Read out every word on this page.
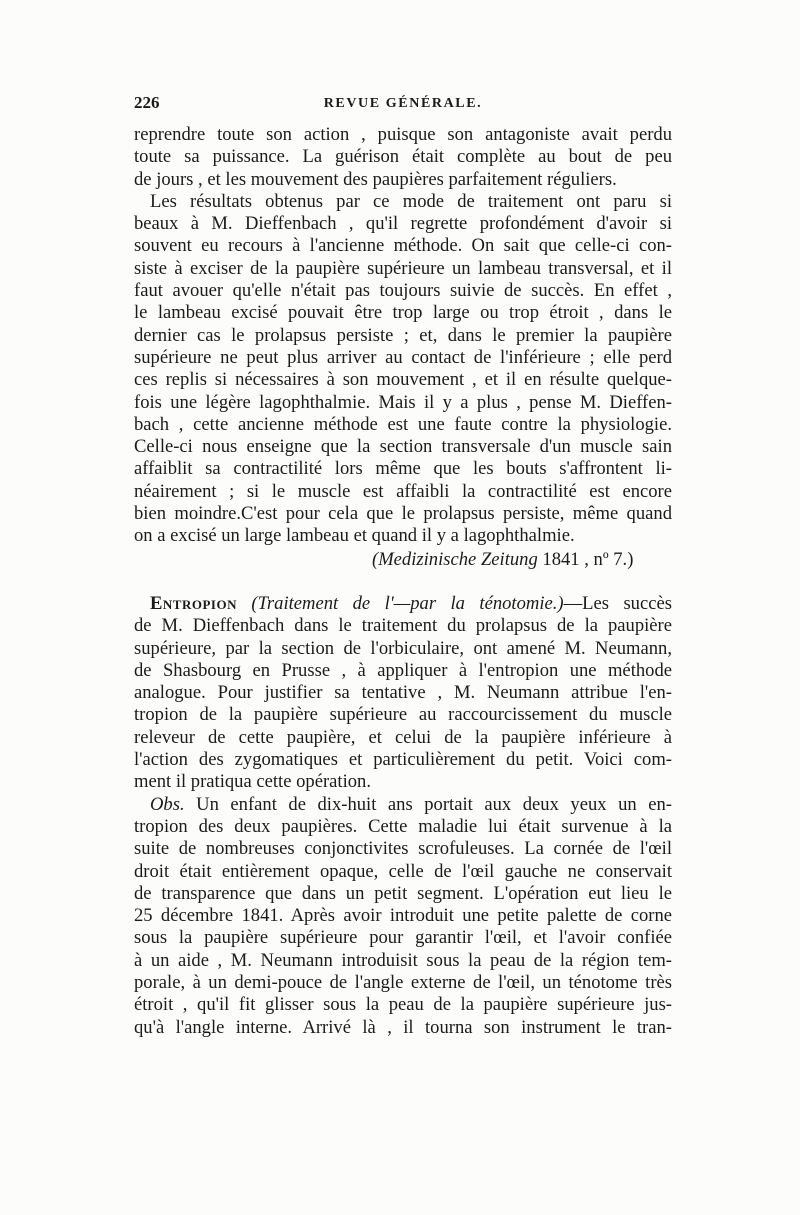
226	REVUE GÉNÉRALE.
reprendre toute son action , puisque son antagoniste avait perdu
toute sa puissance. La guérison était complète au bout de peu
de jours , et les mouvement des paupières parfaitement réguliers.
Les résultats obtenus par ce mode de traitement ont paru si
beaux à M. Dieffenbach , qu'il regrette profondément d'avoir si
souvent eu recours à l'ancienne méthode. On sait que celle-ci con-
siste à exciser de la paupière supérieure un lambeau transversal, et il
faut avouer qu'elle n'était pas toujours suivie de succès. En effet ,
le lambeau excisé pouvait être trop large ou trop étroit , dans le
dernier cas le prolapsus persiste ; et, dans le premier la paupière
supérieure ne peut plus arriver au contact de l'inférieure ; elle perd
ces replis si nécessaires à son mouvement , et il en résulte quelque-
fois une légère lagophthalmie. Mais il y a plus , pense M. Dieffen-
bach , cette ancienne méthode est une faute contre la physiologie.
Celle-ci nous enseigne que la section transversale d'un muscle sain
affaiblit sa contractilité lors même que les bouts s'affrontent li-
néairement ; si le muscle est affaibli la contractilité est encore
bien moindre.C'est pour cela que le prolapsus persiste, même quand
on a excisé un large lambeau et quand il y a lagophthalmie.
(Medizinische Zeitung 1841 , nº 7.)
Entropion (Traitement de l'—par la ténotomie.)—Les succès
de M. Dieffenbach dans le traitement du prolapsus de la paupière
supérieure, par la section de l'orbiculaire, ont amené M. Neumann,
de Shasbourg en Prusse , à appliquer à l'entropion une méthode
analogue. Pour justifier sa tentative , M. Neumann attribue l'en-
tropion de la paupière supérieure au raccourcissement du muscle
releveur de cette paupière, et celui de la paupière inférieure à
l'action des zygomatiques et particulièrement du petit. Voici com-
ment il pratiqua cette opération.
Obs. Un enfant de dix-huit ans portait aux deux yeux un en-
tropion des deux paupières. Cette maladie lui était survenue à la
suite de nombreuses conjonctivites scrofuleuses. La cornée de l'œil
droit était entièrement opaque, celle de l'œil gauche ne conservait
de transparence que dans un petit segment. L'opération eut lieu le
25 décembre 1841. Après avoir introduit une petite palette de corne
sous la paupière supérieure pour garantir l'œil, et l'avoir confiée
à un aide , M. Neumann introduisit sous la peau de la région tem-
porale, à un demi-pouce de l'angle externe de l'œil, un ténotome très
étroit , qu'il fit glisser sous la peau de la paupière supérieure jus-
qu'à l'angle interne. Arrivé là , il tourna son instrument le tran-
